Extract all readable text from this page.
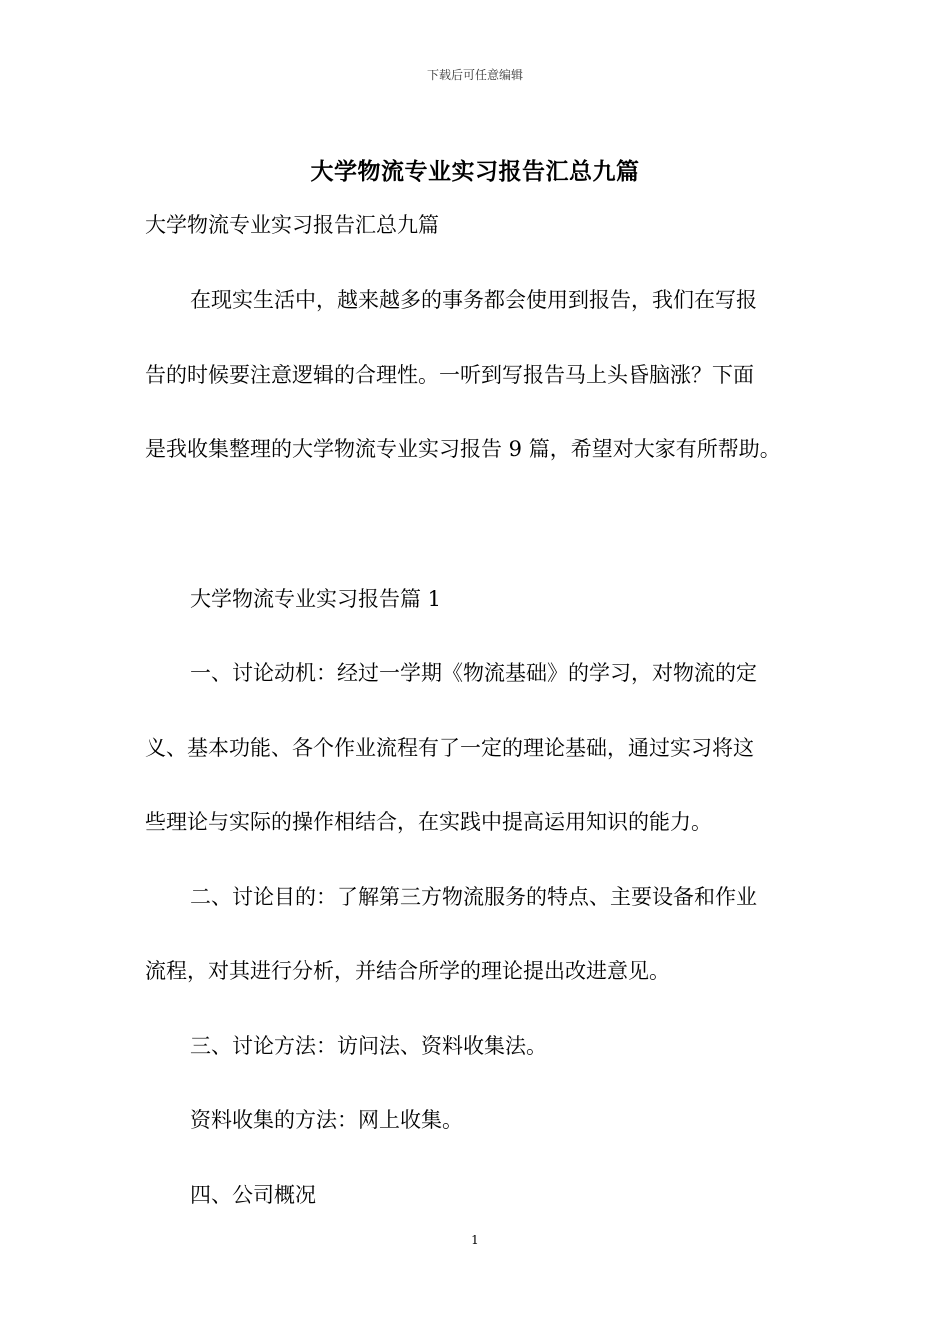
下载后可任意编辑
大学物流专业实习报告汇总九篇
大学物流专业实习报告汇总九篇
在现实生活中，越来越多的事务都会使用到报告，我们在写报
告的时候要注意逻辑的合理性。一听到写报告马上头昏脑涨？下面
是我收集整理的大学物流专业实习报告 9 篇，希望对大家有所帮助。
大学物流专业实习报告篇 1
一、讨论动机：经过一学期《物流基础》的学习，对物流的定
义、基本功能、各个作业流程有了一定的理论基础，通过实习将这
些理论与实际的操作相结合，在实践中提高运用知识的能力。
二、讨论目的：了解第三方物流服务的特点、主要设备和作业
流程，对其进行分析，并结合所学的理论提出改进意见。
三、讨论方法：访问法、资料收集法。
资料收集的方法：网上收集。
四、公司概况
1
